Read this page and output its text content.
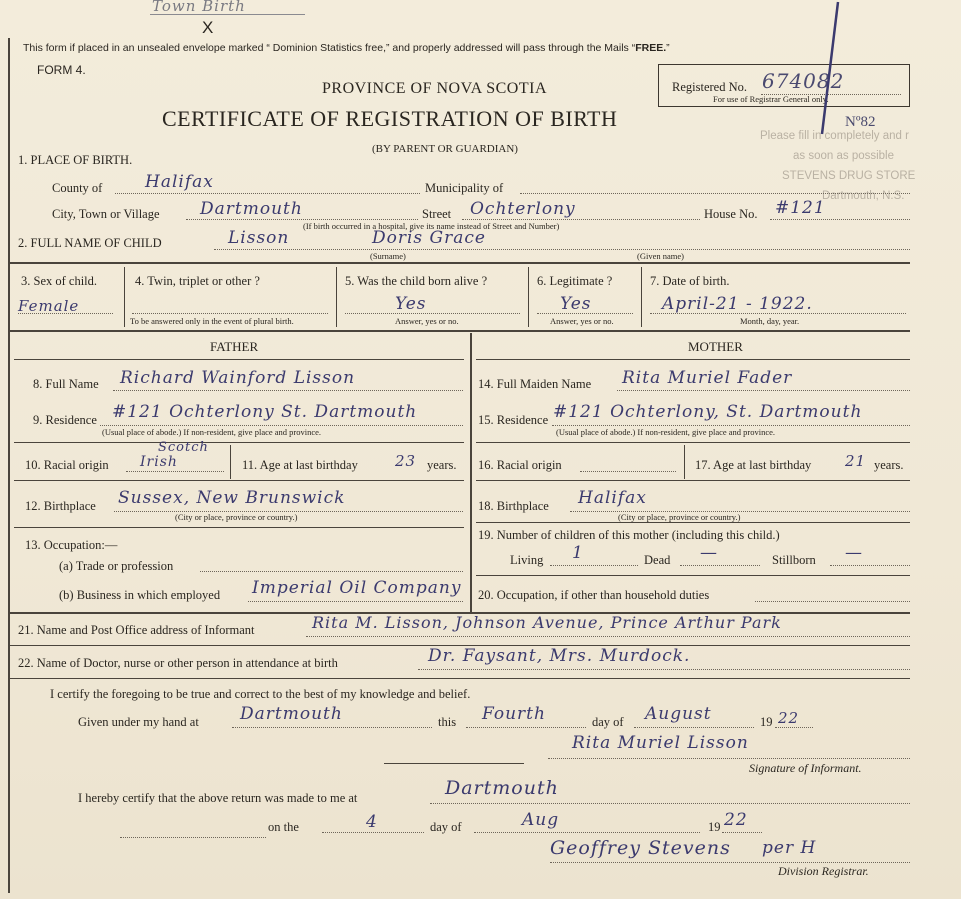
Town Birth
X
This form if placed in an unsealed envelope marked “ Dominion Statistics free,” and properly addressed will pass through the Mails “FREE.”
FORM 4.
Registered No. 674082
For use of Registrar General only.
Nº82
Please fill in completely and r
as soon as possible
STEVENS DRUG STORE
Dartmouth, N.S.
PROVINCE OF NOVA SCOTIA
CERTIFICATE OF REGISTRATION OF BIRTH
(BY PARENT OR GUARDIAN)
1. PLACE OF BIRTH.
County of	Halifax	Municipality of
City, Town or Village Dartmouth	Street Ochterlony	House No. #121
(If birth occurred in a hospital, give its name instead of Street and Number)
2. FULL NAME OF CHILD	Lisson	Doris Grace
(Surname)	(Given name)
3. Sex of child.
Female
4. Twin, triplet or other ?
To be answered only in the event of plural birth.
5. Was the child born alive ?
Yes
Answer, yes or no.
6. Legitimate ?
Yes
Answer, yes or no.
7. Date of birth.
April-21 - 1922.
Month, day, year.
FATHER	MOTHER
8. Full Name Richard Wainford Lisson
9. Residence #121 Ochterlony St. Dartmouth
(Usual place of abode.) If non-resident, give place and province.
10. Racial origin
Scotch
Irish	11. Age at last birthday 23 years.
12. Birthplace Sussex, New Brunswick
(City or place, province or country.)
13. Occupation:—
(a) Trade or profession
(b) Business in which employed Imperial Oil Company
14. Full Maiden Name Rita Muriel Fader
15. Residence #121 Ochterlony, St. Dartmouth
(Usual place of abode.) If non-resident, give place and province.
16. Racial origin	17. Age at last birthday 21 years.
18. Birthplace Halifax
(City or place, province or country.)
19. Number of children of this mother (including this child.)
Living 1	Dead —	Stillborn —
20. Occupation, if other than household duties
21. Name and Post Office address of Informant	Rita M. Lisson, Johnson Avenue, Prince Arthur Park
22. Name of Doctor, nurse or other person in attendance at birth	Dr. Faysant, Mrs. Murdock.
I certify the foregoing to be true and correct to the best of my knowledge and belief.
Given under my hand at Dartmouth	this Fourth	day of August	19 22
Rita Muriel Lisson
Signature of Informant.
I hereby certify that the above return was made to me at	Dartmouth
on the	4	day of	Aug	19 22
Geoffrey Stevens per H
Division Registrar.
